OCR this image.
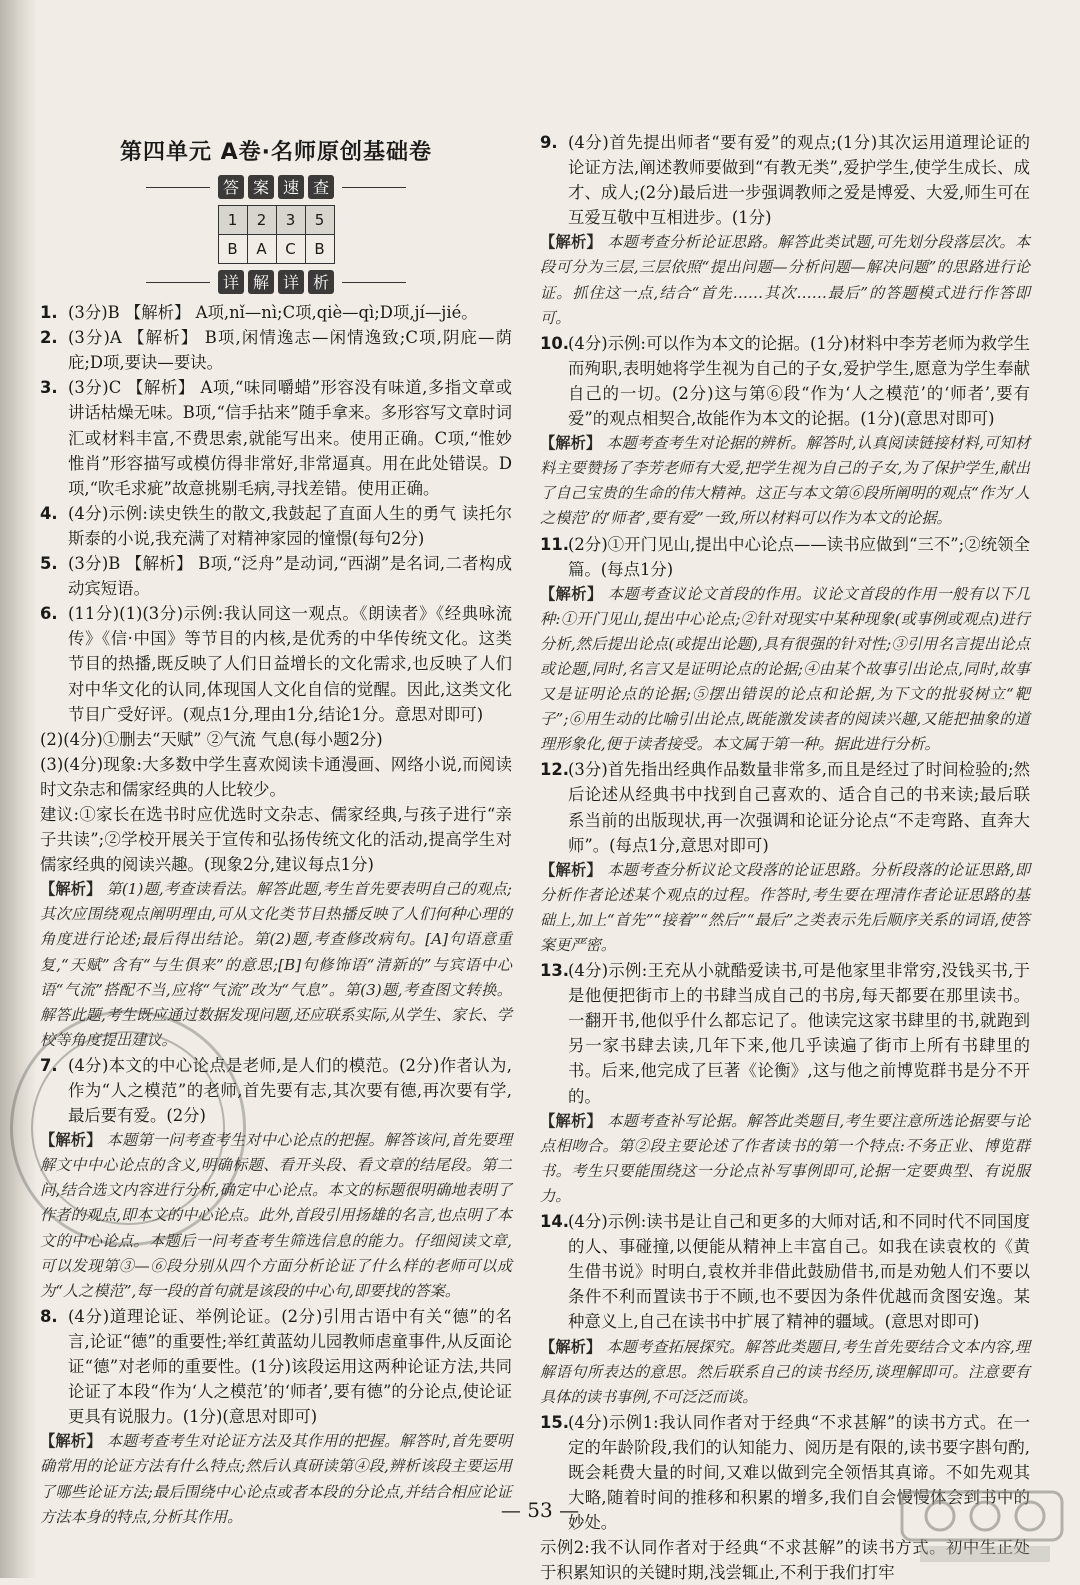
第四单元 A卷·名师原创基础卷
答 案 速 查
1	2	3	5
B	A	C	B
详 解 详 析
1. (3分)B 【解析】 A项,nǐ—nì;C项,qiè—qì;D项,jí—jié。
2. (3分)A 【解析】 B项,闲情逸志—闲情逸致;C项,阴庇—荫庇;D项,要诀—要诀。
3. (3分)C 【解析】 A项,“味同嚼蜡”形容没有味道,多指文章或讲话枯燥无味。B项,“信手拈来”随手拿来。多形容写文章时词汇或材料丰富,不费思索,就能写出来。使用正确。C项,“惟妙惟肖”形容描写或模仿得非常好,非常逼真。用在此处错误。D项,“吹毛求疵”故意挑剔毛病,寻找差错。使用正确。
4. (4分)示例:读史铁生的散文,我鼓起了直面人生的勇气 读托尔斯泰的小说,我充满了对精神家园的憧憬(每句2分)
5. (3分)B 【解析】 B项,“泛舟”是动词,“西湖”是名词,二者构成动宾短语。
6. (11分)(1)(3分)示例:我认同这一观点。《朗读者》《经典咏流传》《信·中国》等节目的内核,是优秀的中华传统文化。这类节目的热播,既反映了人们日益增长的文化需求,也反映了人们对中华文化的认同,体现国人文化自信的觉醒。因此,这类文化节目广受好评。(观点1分,理由1分,结论1分。意思对即可)
(2)(4分)①删去“天赋” ②气流 气息(每小题2分)
(3)(4分)现象:大多数中学生喜欢阅读卡通漫画、网络小说,而阅读时文杂志和儒家经典的人比较少。
建议:①家长在选书时应优选时文杂志、儒家经典,与孩子进行“亲子共读”;②学校开展关于宣传和弘扬传统文化的活动,提高学生对儒家经典的阅读兴趣。(现象2分,建议每点1分)
【解析】 第(1)题,考查读看法。解答此题,考生首先要表明自己的观点;其次应围绕观点阐明理由,可从文化类节目热播反映了人们何种心理的角度进行论述;最后得出结论。第(2)题,考查修改病句。[A]句语意重复,“天赋”含有“与生俱来”的意思;[B]句修饰语“清新的”与宾语中心语“气流”搭配不当,应将“气流”改为“气息”。第(3)题,考查图文转换。解答此题,考生既应通过数据发现问题,还应联系实际,从学生、家长、学校等角度提出建议。
7. (4分)本文的中心论点是老师,是人们的模范。(2分)作者认为,作为“人之模范”的老师,首先要有志,其次要有德,再次要有学,最后要有爱。(2分)
【解析】 本题第一问考查考生对中心论点的把握。解答该问,首先要理解文中中心论点的含义,明确标题、看开头段、看文章的结尾段。第二问,结合选文内容进行分析,确定中心论点。本文的标题很明确地表明了作者的观点,即本文的中心论点。此外,首段引用扬雄的名言,也点明了本文的中心论点。本题后一问考查考生筛选信息的能力。仔细阅读文章,可以发现第③—⑥段分别从四个方面分析论证了什么样的老师可以成为“人之模范”,每一段的首句就是该段的中心句,即要找的答案。
8. (4分)道理论证、举例论证。(2分)引用古语中有关“德”的名言,论证“德”的重要性;举红黄蓝幼儿园教师虐童事件,从反面论证“德”对老师的重要性。(1分)该段运用这两种论证方法,共同论证了本段“作为‘人之模范’的‘师者’,要有德”的分论点,使论证更具有说服力。(1分)(意思对即可)
【解析】 本题考查考生对论证方法及其作用的把握。解答时,首先要明确常用的论证方法有什么特点;然后认真研读第④段,辨析该段主要运用了哪些论证方法;最后围绕中心论点或者本段的分论点,并结合相应论证方法本身的特点,分析其作用。
9. (4分)首先提出师者“要有爱”的观点;(1分)其次运用道理论证的论证方法,阐述教师要做到“有教无类”,爱护学生,使学生成长、成才、成人;(2分)最后进一步强调教师之爱是博爱、大爱,师生可在互爱互敬中互相进步。(1分)
【解析】 本题考查分析论证思路。解答此类试题,可先划分段落层次。本段可分为三层,三层依照“提出问题—分析问题—解决问题”的思路进行论证。抓住这一点,结合“首先……其次……最后”的答题模式进行作答即可。
10.
(4分)示例:可以作为本文的论据。(1分)材料中李芳老师为救学生而殉职,表明她将学生视为自己的子女,爱护学生,愿意为学生奉献自己的一切。(2分)这与第⑥段“作为‘人之模范’的‘师者’,要有爱”的观点相契合,故能作为本文的论据。(1分)(意思对即可)
【解析】 本题考查考生对论据的辨析。解答时,认真阅读链接材料,可知材料主要赞扬了李芳老师有大爱,把学生视为自己的子女,为了保护学生,献出了自己宝贵的生命的伟大精神。这正与本文第⑥段所阐明的观点“作为‘人之模范’的‘师者’,要有爱”一致,所以材料可以作为本文的论据。
11.
(2分)①开门见山,提出中心论点——读书应做到“三不”;②统领全篇。(每点1分)
【解析】 本题考查议论文首段的作用。议论文首段的作用一般有以下几种:①开门见山,提出中心论点;②针对现实中某种现象(或事例或观点)进行分析,然后提出论点(或提出论题),具有很强的针对性;③引用名言提出论点或论题,同时,名言又是证明论点的论据;④由某个故事引出论点,同时,故事又是证明论点的论据;⑤摆出错误的论点和论据,为下文的批驳树立“靶子”;⑥用生动的比喻引出论点,既能激发读者的阅读兴趣,又能把抽象的道理形象化,便于读者接受。本文属于第一种。据此进行分析。
12.
(3分)首先指出经典作品数量非常多,而且是经过了时间检验的;然后论述从经典书中找到自己喜欢的、适合自己的书来读;最后联系当前的出版现状,再一次强调和论证分论点“不走弯路、直奔大师”。(每点1分,意思对即可)
【解析】 本题考查分析议论文段落的论证思路。分析段落的论证思路,即分析作者论述某个观点的过程。作答时,考生要在理清作者论证思路的基础上,加上“首先”“接着”“然后”“最后”之类表示先后顺序关系的词语,使答案更严密。
13.
(4分)示例:王充从小就酷爱读书,可是他家里非常穷,没钱买书,于是他便把街市上的书肆当成自己的书房,每天都要在那里读书。一翻开书,他似乎什么都忘记了。他读完这家书肆里的书,就跑到另一家书肆去读,几年下来,他几乎读遍了街市上所有书肆里的书。后来,他完成了巨著《论衡》,这与他之前博览群书是分不开的。
【解析】 本题考查补写论据。解答此类题目,考生要注意所选论据要与论点相吻合。第②段主要论述了作者读书的第一个特点:不务正业、博览群书。考生只要能围绕这一分论点补写事例即可,论据一定要典型、有说服力。
14.
(4分)示例:读书是让自己和更多的大师对话,和不同时代不同国度的人、事碰撞,以便能从精神上丰富自己。如我在读袁枚的《黄生借书说》时明白,袁枚并非借此鼓励借书,而是劝勉人们不要以条件不利而置读书于不顾,也不要因为条件优越而贪图安逸。某种意义上,自己在读书中扩展了精神的疆域。(意思对即可)
【解析】 本题考查拓展探究。解答此类题目,考生首先要结合文本内容,理解语句所表达的意思。然后联系自己的读书经历,谈理解即可。注意要有具体的读书事例,不可泛泛而谈。
15.
(4分)示例1:我认同作者对于经典“不求甚解”的读书方式。在一定的年龄阶段,我们的认知能力、阅历是有限的,读书要字斟句酌,既会耗费大量的时间,又难以做到完全领悟其真谛。不如先观其大略,随着时间的推移和积累的增多,我们自会慢慢体会到书中的妙处。
示例2:我不认同作者对于经典“不求甚解”的读书方式。初中生正处于积累知识的关键时期,浅尝辄止,不利于我们打牢
— 53 —
